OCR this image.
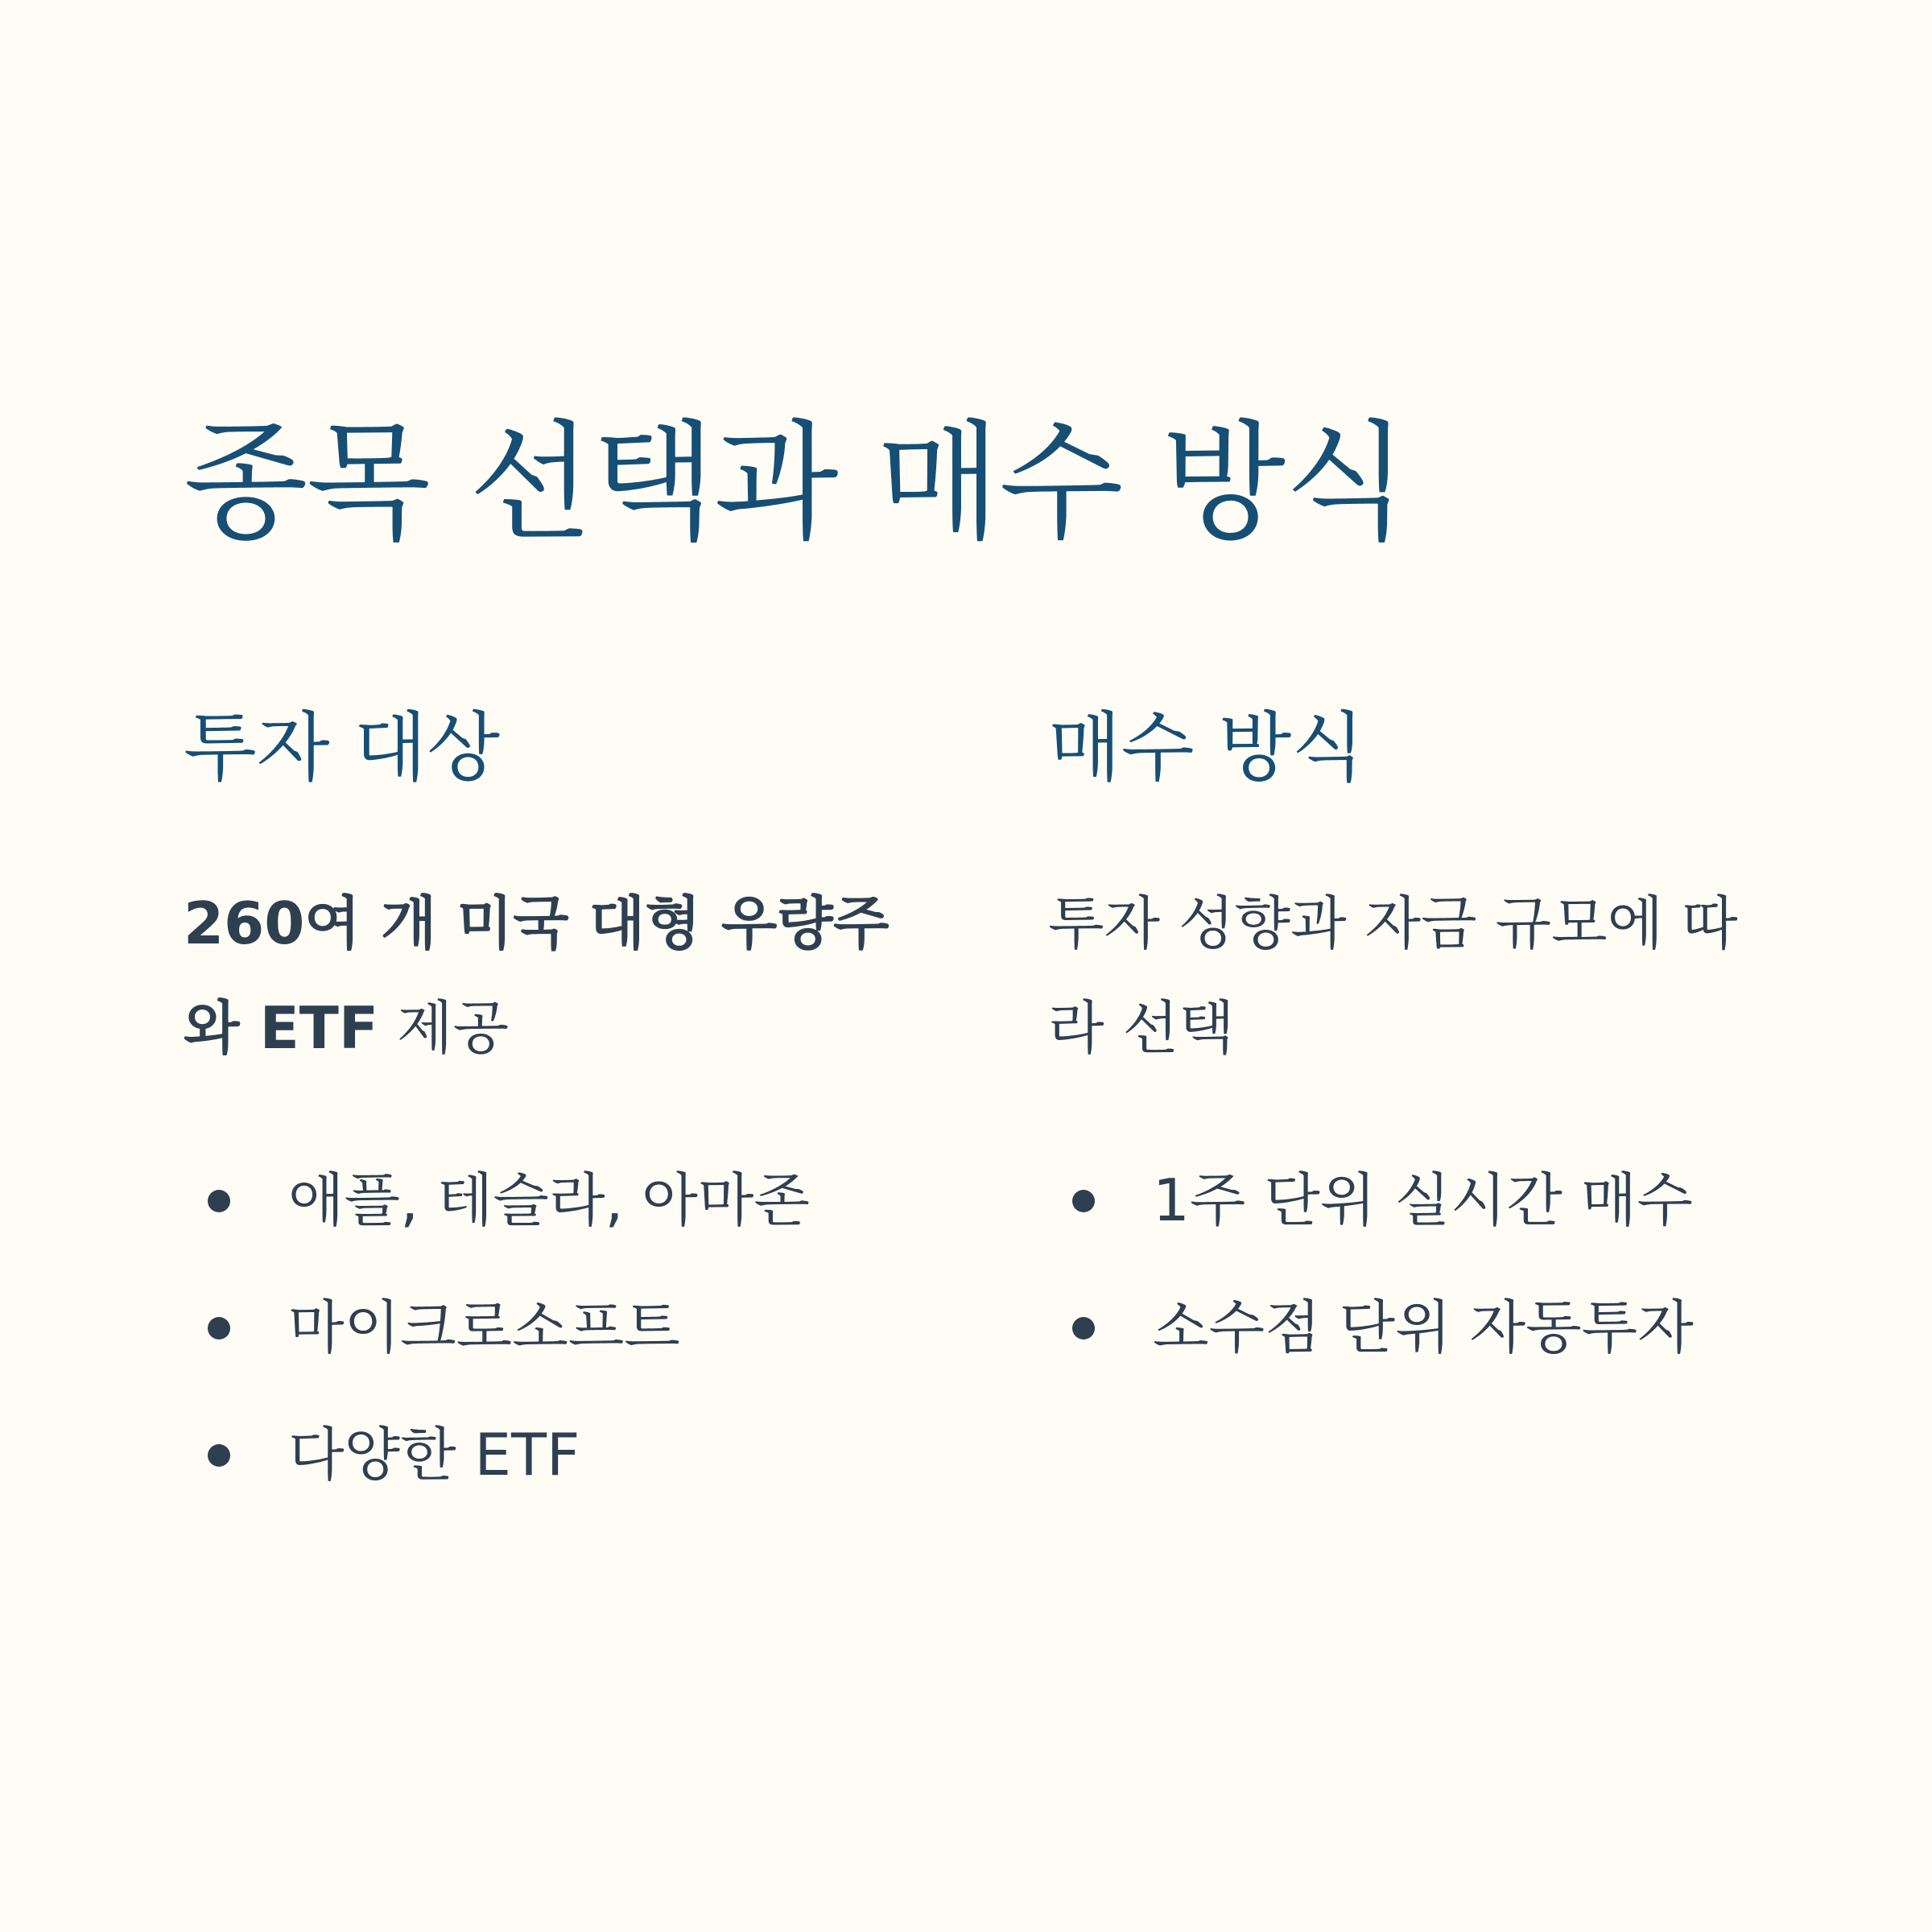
종목 선택과 매수 방식
투자 대상

260여 개 미국 대형 우량주와 ETF 제공

애플, 테슬라, 아마존
마이크로소프트
다양한 ETF
매수 방식

투자 성향과 자금 규모에 따라 선택

1주 단위 실시간 매수
소수점 단위 자동투자
